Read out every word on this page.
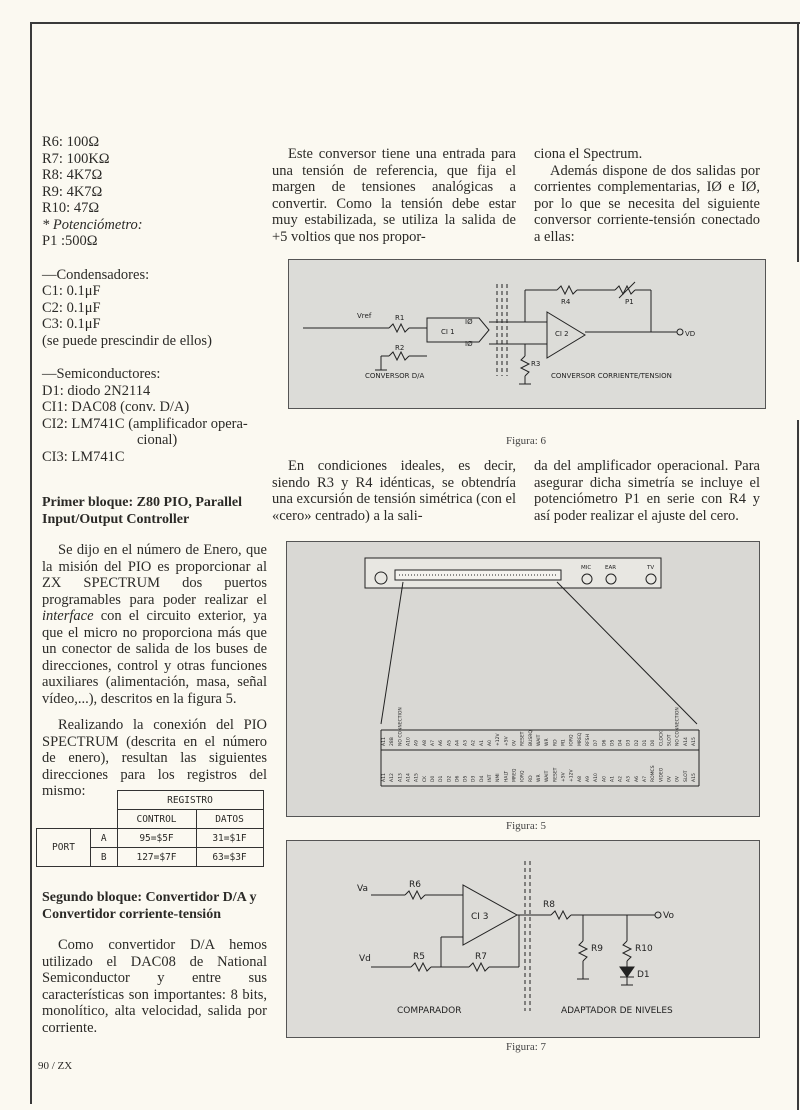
R6: 100Ω

R7: 100KΩ

R8: 4K7Ω

R9: 4K7Ω

R10: 47Ω

* Potenciómetro:

P1 :500Ω

—Condensadores:

C1: 0.1μF

C2: 0.1μF

C3: 0.1μF

(se puede prescindir de ellos)

—Semiconductores:

D1: diodo 2N2114

CI1: DAC08 (conv. D/A)

CI2: LM741C (amplificador opera-

cional)

CI3: LM741C

Primer bloque: Z80 PIO, Parallel Input/Output Controller

Se dijo en el número de Enero, que la misión del PIO es proporcionar al ZX SPECTRUM dos puertos programables para poder realizar el interface con el circuito exterior, ya que el micro no proporciona más que un conector de salida de los buses de direcciones, control y otras funciones auxiliares (alimentación, masa, señal vídeo,...), descritos en la figura 5.

Realizando la conexión del PIO SPECTRUM (descrita en el número de enero), resultan las siguientes direcciones para los registros del mismo:

		REGISTRO	
		CONTROL	DATOS
PORT	A	95=$5F	31=$1F
	B	127=$7F	63=$3F

Segundo bloque: Convertidor D/A y Convertidor corriente-tensión

Como convertidor D/A hemos utilizado el DAC08 de National Semiconductor y entre sus características son importantes: 8 bits, monolítico, alta velocidad, salida por corriente.

Este conversor tiene una entrada para una tensión de referencia, que fija el margen de tensiones analógicas a convertir. Como la tensión debe estar muy estabilizada, se utiliza la salida de +5 voltios que nos propor-

ciona el Spectrum.

Además dispone de dos salidas por corrientes complementarias, IØ e IØ, por lo que se necesita del siguiente conversor corriente-tensión conectado a ellas:

Vref	R1
R2
CI 1
IØ
IØ
R4	P1
CI 2
R3
VD
CONVERSOR D/A	CONVERSOR CORRIENTE/TENSION
Figura: 6
En condiciones ideales, es decir, siendo R3 y R4 idénticas, se obtendría una excursión de tensión simétrica (con el «cero» centrado) a la sali-
da del amplificador operacional. Para asegurar dicha simetría se incluye el potenciómetro P1 en serie con R4 y así poder realizar el ajuste del cero.
MIC	EAR	TV
A11 28B NO CONNECTION A10 A9 A8 A7 A6 A5 A4 A3 A2 A1 A0 +12V +5V 0V RESET BUSRQ WAIT WR RD M1 IORQ MREQ RFSH D7 D6 D5 D4 D3 D2 D1 D0 CLOCK SLOT NO CONNECTION A14 A15
A11 A12 A13 A14 A15 CK D0 D1 D2 D6 D5 D3 D4 INT NMI HALT MREQ IORQ RD WR WAIT RESET +5V +12V A8 A9 A10 A0 A1 A2 A3 A6 A7 ROMCS VIDEO 0V 0V SLOT A15
Figura: 5
Va
Vd
R6
R5	R7
CI 3
R8
R9	R10
D1
Vo
COMPARADOR	ADAPTADOR DE NIVELES
Figura: 7
90 / ZX
